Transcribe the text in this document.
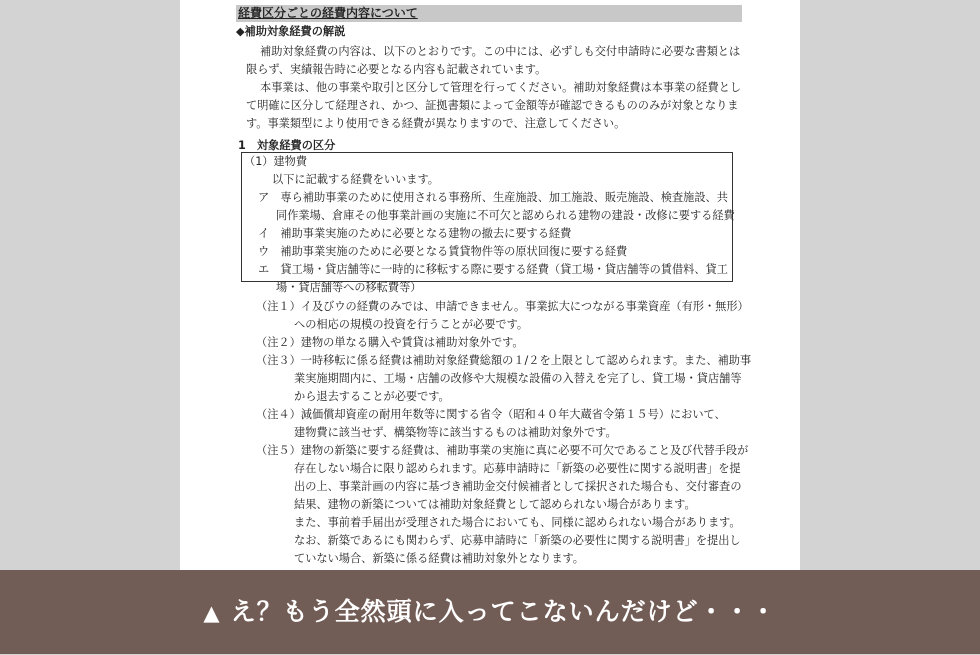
経費区分ごとの経費内容について
◆補助対象経費の解説
補助対象経費の内容は、以下のとおりです。この中には、必ずしも交付申請時に必要な書類とは
限らず、実績報告時に必要となる内容も記載されています。
本事業は、他の事業や取引と区分して管理を行ってください。補助対象経費は本事業の経費とし
て明確に区分して経理され、かつ、証拠書類によって金額等が確認できるもののみが対象となりま
す。事業類型により使用できる経費が異なりますので、注意してください。
1　対象経費の区分
（1）建物費
以下に記載する経費をいいます。
ア　専ら補助事業のために使用される事務所、生産施設、加工施設、販売施設、検査施設、共
同作業場、倉庫その他事業計画の実施に不可欠と認められる建物の建設・改修に要する経費
イ　補助事業実施のために必要となる建物の撤去に要する経費
ウ　補助事業実施のために必要となる賃貸物件等の原状回復に要する経費
エ　貸工場・貸店舗等に一時的に移転する際に要する経費（貸工場・貸店舗等の賃借料、貸工
場・貸店舗等への移転費等）
（注１）イ及びウの経費のみでは、申請できません。事業拡大につながる事業資産（有形・無形）
への相応の規模の投資を行うことが必要です。
（注２）建物の単なる購入や賃貸は補助対象外です。
（注３）一時移転に係る経費は補助対象経費総額の１/２を上限として認められます。また、補助事
業実施期間内に、工場・店舗の改修や大規模な設備の入替えを完了し、貸工場・貸店舗等
から退去することが必要です。
（注４）減価償却資産の耐用年数等に関する省令（昭和４０年大蔵省令第１５号）において、
建物費に該当せず、構築物等に該当するものは補助対象外です。
（注５）建物の新築に要する経費は、補助事業の実施に真に必要不可欠であること及び代替手段が
存在しない場合に限り認められます。応募申請時に「新築の必要性に関する説明書」を提
出の上、事業計画の内容に基づき補助金交付候補者として採択された場合も、交付審査の
結果、建物の新築については補助対象経費として認められない場合があります。
また、事前着手届出が受理された場合においても、同様に認められない場合があります。
なお、新築であるにも関わらず、応募申請時に「新築の必要性に関する説明書」を提出し
ていない場合、新築に係る経費は補助対象外となります。
▲ え？もう全然頭に入ってこないんだけど・・・
